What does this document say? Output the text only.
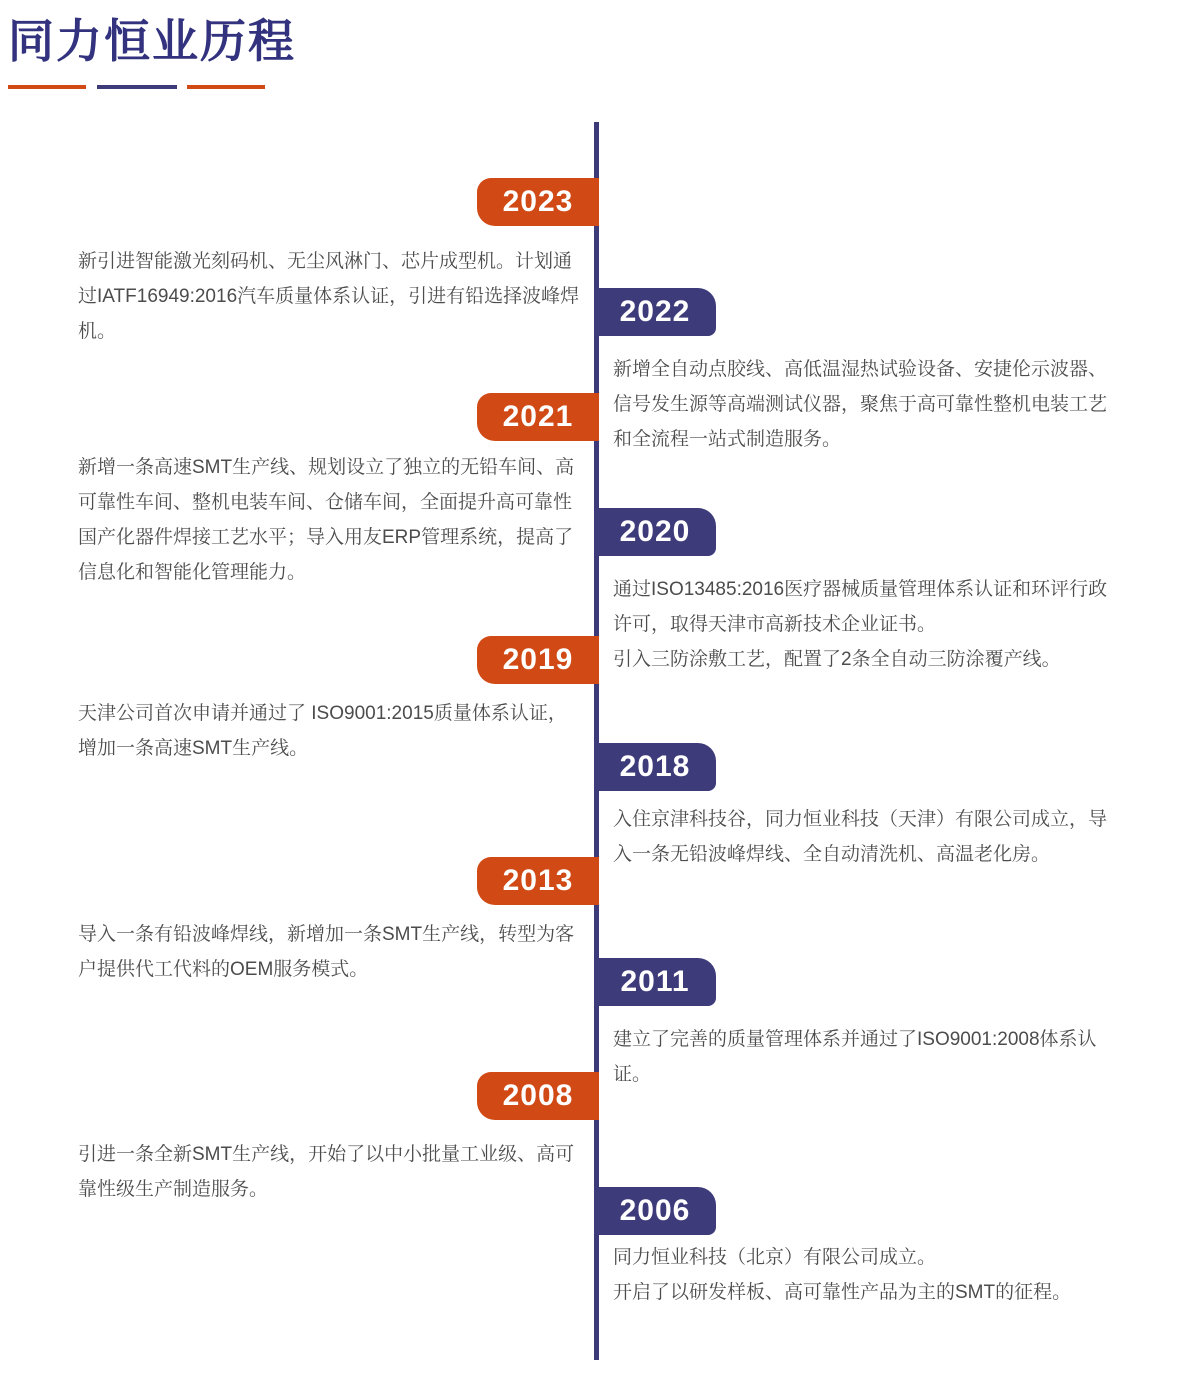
同力恒业历程
2023
新引进智能激光刻码机、无尘风淋门、芯片成型机。计划通过IATF16949:2016汽车质量体系认证，引进有铅选择波峰焊机。
2022
新增全自动点胶线、高低温湿热试验设备、安捷伦示波器、信号发生源等高端测试仪器，聚焦于高可靠性整机电装工艺和全流程一站式制造服务。
2021
新增一条高速SMT生产线、规划设立了独立的无铅车间、高可靠性车间、整机电装车间、仓储车间，全面提升高可靠性国产化器件焊接工艺水平；导入用友ERP管理系统，提高了信息化和智能化管理能力。
2020
通过ISO13485:2016医疗器械质量管理体系认证和环评行政许可，取得天津市高新技术企业证书。
引入三防涂敷工艺，配置了2条全自动三防涂覆产线。
2019
天津公司首次申请并通过了 ISO9001:2015质量体系认证，增加一条高速SMT生产线。
2018
入住京津科技谷，同力恒业科技（天津）有限公司成立，导入一条无铅波峰焊线、全自动清洗机、高温老化房。
2013
导入一条有铅波峰焊线，新增加一条SMT生产线，转型为客户提供代工代料的OEM服务模式。	2011
建立了完善的质量管理体系并通过了ISO9001:2008体系认证。
2008
引进一条全新SMT生产线，开始了以中小批量工业级、高可靠性级生产制造服务。
2006
同力恒业科技（北京）有限公司成立。
开启了以研发样板、高可靠性产品为主的SMT的征程。
